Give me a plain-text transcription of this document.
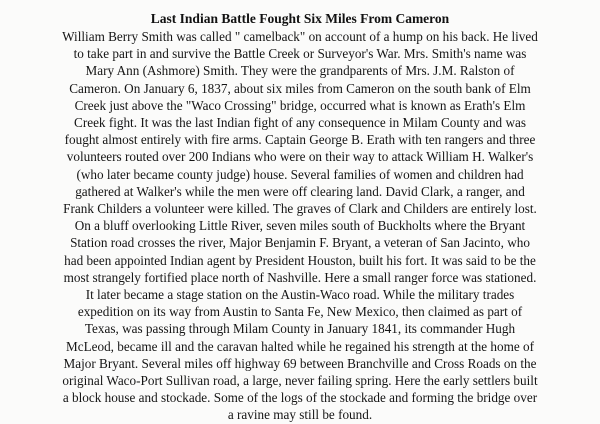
Last Indian Battle Fought Six Miles From Cameron
William Berry Smith was called " camelback" on account of a hump on his back. He lived
to take part in and survive the Battle Creek or Surveyor's War. Mrs. Smith's name was
Mary Ann (Ashmore) Smith. They were the grandparents of Mrs. J.M. Ralston of
Cameron. On January 6, 1837, about six miles from Cameron on the south bank of Elm
Creek just above the "Waco Crossing" bridge, occurred what is known as Erath's Elm
Creek fight. It was the last Indian fight of any consequence in Milam County and was
fought almost entirely with fire arms. Captain George B. Erath with ten rangers and three
volunteers routed over 200 Indians who were on their way to attack William H. Walker's
(who later became county judge) house. Several families of women and children had
gathered at Walker's while the men were off clearing land. David Clark, a ranger, and
Frank Childers a volunteer were killed. The graves of Clark and Childers are entirely lost.
On a bluff overlooking Little River, seven miles south of Buckholts where the Bryant
Station road crosses the river, Major Benjamin F. Bryant, a veteran of San Jacinto, who
had been appointed Indian agent by President Houston, built his fort. It was said to be the
most strangely fortified place north of Nashville. Here a small ranger force was stationed.
It later became a stage station on the Austin-Waco road. While the military trades
expedition on its way from Austin to Santa Fe, New Mexico, then claimed as part of
Texas, was passing through Milam County in January 1841, its commander Hugh
McLeod, became ill and the caravan halted while he regained his strength at the home of
Major Bryant. Several miles off highway 69 between Branchville and Cross Roads on the
original Waco-Port Sullivan road, a large, never failing spring. Here the early settlers built
a block house and stockade. Some of the logs of the stockade and forming the bridge over
a ravine may still be found.
